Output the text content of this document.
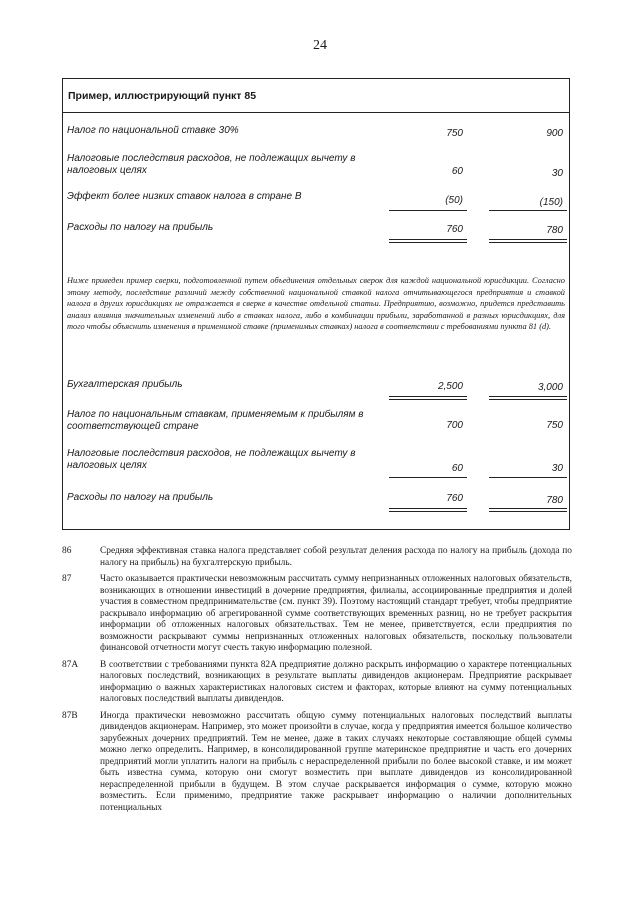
24
Пример, иллюстрирующий пункт 85
Налог по национальной ставке 30%	750	900
Налоговые последствия расходов, не подлежащих вычету в налоговых целях	60	30
Эффект более низких ставок налога в стране В	(50)	(150)
Расходы по налогу на прибыль	760	780
Ниже приведен пример сверки, подготовленной путем объединения отдельных сверок для каждой национальной юрисдикции. Согласно этому методу, последствие различий между собственной национальной ставкой налога отчитывающегося предприятия и ставкой налога в других юрисдикциях не отражается в сверке в качестве отдельной статьи. Предприятию, возможно, придется представить анализ влияния значительных изменений либо в ставках налога, либо в комбинации прибыли, заработанной в разных юрисдикциях, для того чтобы объяснить изменения в применимой ставке (применимых ставках) налога в соответствии с требованиями пункта 81 (d).
Бухгалтерская прибыль	2,500	3,000
Налог по национальным ставкам, применяемым к прибылям в соответствующей стране	700	750
Налоговые последствия расходов, не подлежащих вычету в налоговых целях	60	30
Расходы по налогу на прибыль	760	780
86	Средняя эффективная ставка налога представляет собой результат деления расхода по налогу на прибыль (дохода по налогу на прибыль) на бухгалтерскую прибыль.
87	Часто оказывается практически невозможным рассчитать сумму непризнанных отложенных налоговых обязательств, возникающих в отношении инвестиций в дочерние предприятия, филиалы, ассоциированные предприятия и долей участия в совместном предпринимательстве (см. пункт 39). Поэтому настоящий стандарт требует, чтобы предприятие раскрывало информацию об агрегированной сумме соответствующих временных разниц, но не требует раскрытия информации об отложенных налоговых обязательствах. Тем не менее, приветствуется, если предприятия по возможности раскрывают суммы непризнанных отложенных налоговых обязательств, поскольку пользователи финансовой отчетности могут счесть такую информацию полезной.
87А В соответствии с требованиями пункта 82А предприятие должно раскрыть информацию о характере потенциальных налоговых последствий, возникающих в результате выплаты дивидендов акционерам. Предприятие раскрывает информацию о важных характеристиках налоговых систем и факторах, которые влияют на сумму потенциальных налоговых последствий выплаты дивидендов.
87В Иногда практически невозможно рассчитать общую сумму потенциальных налоговых последствий выплаты дивидендов акционерам. Например, это может произойти в случае, когда у предприятия имеется большое количество зарубежных дочерних предприятий. Тем не менее, даже в таких случаях некоторые составляющие общей суммы можно легко определить. Например, в консолидированной группе материнское предприятие и часть его дочерних предприятий могли уплатить налоги на прибыль с нераспределенной прибыли по более высокой ставке, и им может быть известна сумма, которую они смогут возместить при выплате дивидендов из консолидированной нераспределенной прибыли в будущем. В этом случае раскрывается информация о сумме, которую можно возместить. Если применимо, предприятие также раскрывает информацию о наличии дополнительных потенциальных
